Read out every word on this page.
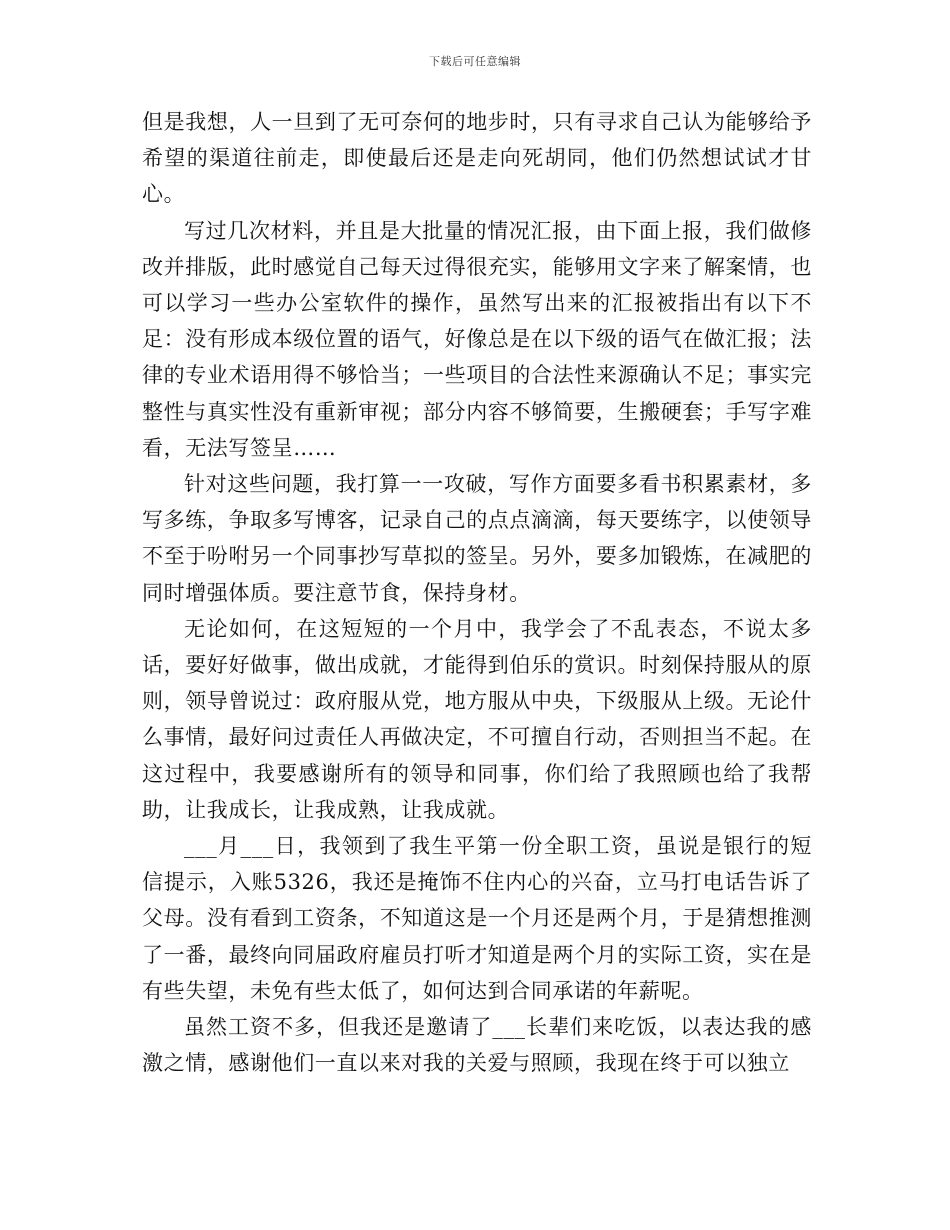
下载后可任意编辑

但是我想，人一旦到了无可奈何的地步时，只有寻求自己认为能够给予希望的渠道往前走，即使最后还是走向死胡同，他们仍然想试试才甘心。

写过几次材料，并且是大批量的情况汇报，由下面上报，我们做修改并排版，此时感觉自己每天过得很充实，能够用文字来了解案情，也可以学习一些办公室软件的操作，虽然写出来的汇报被指出有以下不足：没有形成本级位置的语气，好像总是在以下级的语气在做汇报；法律的专业术语用得不够恰当；一些项目的合法性来源确认不足；事实完整性与真实性没有重新审视；部分内容不够简要，生搬硬套；手写字难看，无法写签呈……

针对这些问题，我打算一一攻破，写作方面要多看书积累素材，多写多练，争取多写博客，记录自己的点点滴滴，每天要练字，以使领导不至于吩咐另一个同事抄写草拟的签呈。另外，要多加锻炼，在减肥的同时增强体质。要注意节食，保持身材。

无论如何，在这短短的一个月中，我学会了不乱表态，不说太多话，要好好做事，做出成就，才能得到伯乐的赏识。时刻保持服从的原则，领导曾说过：政府服从党，地方服从中央，下级服从上级。无论什么事情，最好问过责任人再做决定，不可擅自行动，否则担当不起。在这过程中，我要感谢所有的领导和同事，你们给了我照顾也给了我帮助，让我成长，让我成熟，让我成就。

___月___日，我领到了我生平第一份全职工资，虽说是银行的短信提示，入账5326，我还是掩饰不住内心的兴奋，立马打电话告诉了父母。没有看到工资条，不知道这是一个月还是两个月，于是猜想推测了一番，最终向同届政府雇员打听才知道是两个月的实际工资，实在是有些失望，未免有些太低了，如何达到合同承诺的年薪呢。

虽然工资不多，但我还是邀请了___长辈们来吃饭，以表达我的感激之情，感谢他们一直以来对我的关爱与照顾，我现在终于可以独立
